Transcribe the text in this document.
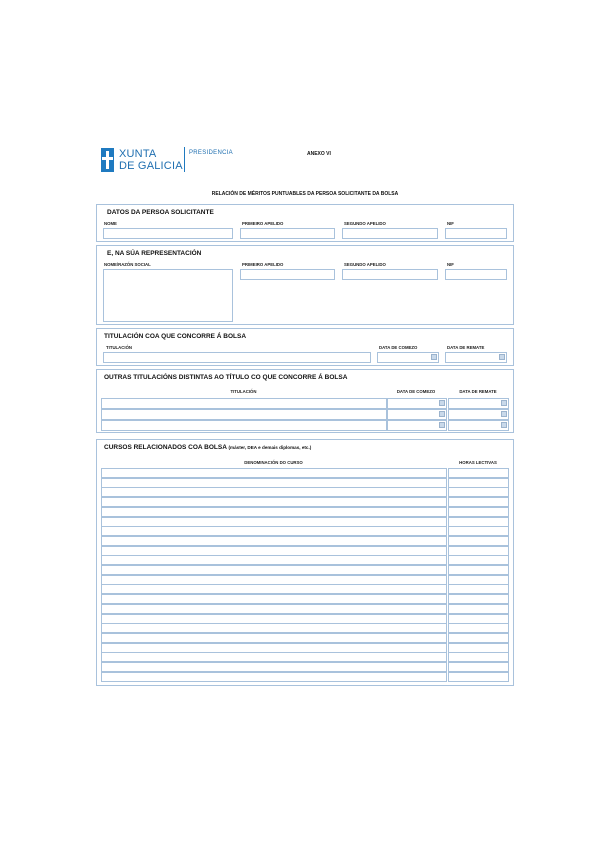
XUNTA
DE GALICIA
PRESIDENCIA	ANEXO VI
RELACIÓN DE MÉRITOS PUNTUABLES DA PERSOA SOLICITANTE DA BOLSA
DATOS DA PERSOA SOLICITANTE
NOME	PRIMEIRO APELIDO	SEGUNDO APELIDO	NIF
E, NA SÚA REPRESENTACIÓN
NOME/RAZÓN SOCIAL	PRIMEIRO APELIDO	SEGUNDO APELIDO	NIF
TITULACIÓN COA QUE CONCORRE Á BOLSA
TITULACIÓN	DATA DE COMEZO	DATA DE REMATE
OUTRAS TITULACIÓNS DISTINTAS AO TÍTULO CO QUE CONCORRE Á BOLSA
TITULACIÓN	DATA DE COMEZO	DATA DE REMATE
CURSOS RELACIONADOS COA BOLSA (máster, DEA e demais diplomas, etc.)
DENOMINACIÓN DO CURSO	HORAS LECTIVAS
